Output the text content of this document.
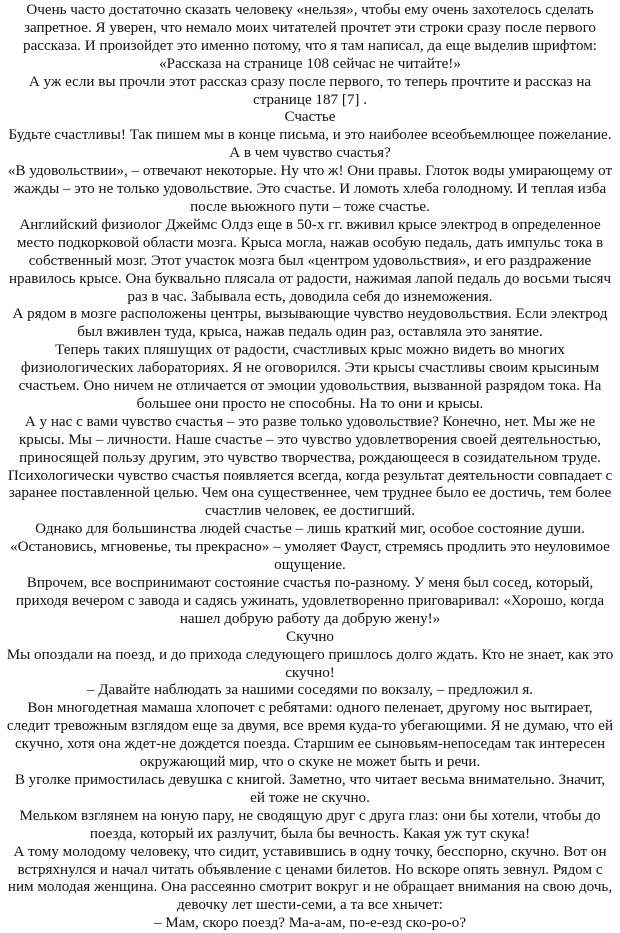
Очень часто достаточно сказать человеку «нельзя», чтобы ему очень захотелось сделать запретное. Я уверен, что немало моих читателей прочтет эти строки сразу после первого рассказа. И произойдет это именно потому, что я там написал, да еще выделив шрифтом: «Рассказа на странице 108 сейчас не читайте!»

А уж если вы прочли этот рассказ сразу после первого, то теперь прочтите и рассказ на странице 187 [7] .

Счастье

Будьте счастливы! Так пишем мы в конце письма, и это наиболее всеобъемлющее пожелание. А в чем чувство счастья?

«В удовольствии», – отвечают некоторые. Ну что ж! Они правы. Глоток воды умирающему от жажды – это не только удовольствие. Это счастье. И ломоть хлеба голодному. И теплая изба после вьюжного пути – тоже счастье.

Английский физиолог Джеймс Олдз еще в 50-х гг. вживил крысе электрод в определенное место подкорковой области мозга. Крыса могла, нажав особую педаль, дать импульс тока в собственный мозг. Этот участок мозга был «центром удовольствия», и его раздражение нравилось крысе. Она буквально плясала от радости, нажимая лапой педаль до восьми тысяч раз в час. Забывала есть, доводила себя до изнеможения.

А рядом в мозге расположены центры, вызывающие чувство неудовольствия. Если электрод был вживлен туда, крыса, нажав педаль один раз, оставляла это занятие.

Теперь таких пляшущих от радости, счастливых крыс можно видеть во многих физиологических лабораториях. Я не оговорился. Эти крысы счастливы своим крысиным счастьем. Оно ничем не отличается от эмоции удовольствия, вызванной разрядом тока. На большее они просто не способны. На то они и крысы.

А у нас с вами чувство счастья – это разве только удовольствие? Конечно, нет. Мы же не крысы. Мы – личности. Наше счастье – это чувство удовлетворения своей деятельностью, приносящей пользу другим, это чувство творчества, рождающееся в созидательном труде.

Психологически чувство счастья появляется всегда, когда результат деятельности совпадает с заранее поставленной целью. Чем она существеннее, чем труднее было ее достичь, тем более счастлив человек, ее достигший.

Однако для большинства людей счастье – лишь краткий миг, особое состояние души. «Остановись, мгновенье, ты прекрасно» – умоляет Фауст, стремясь продлить это неуловимое ощущение.

Впрочем, все воспринимают состояние счастья по-разному. У меня был сосед, который, приходя вечером с завода и садясь ужинать, удовлетворенно приговаривал: «Хорошо, когда нашел добрую работу да добрую жену!»

Скучно

Мы опоздали на поезд, и до прихода следующего пришлось долго ждать. Кто не знает, как это скучно!

– Давайте наблюдать за нашими соседями по вокзалу, – предложил я.

Вон многодетная мамаша хлопочет с ребятами: одного пеленает, другому нос вытирает, следит тревожным взглядом еще за двумя, все время куда-то убегающими. Я не думаю, что ей скучно, хотя она ждет-не дождется поезда. Старшим ее сыновьям-непоседам так интересен окружающий мир, что о скуке не может быть и речи.

В уголке примостилась девушка с книгой. Заметно, что читает весьма внимательно. Значит, ей тоже не скучно.

Мельком взглянем на юную пару, не сводящую друг с друга глаз: они бы хотели, чтобы до поезда, который их разлучит, была бы вечность. Какая уж тут скука!

А тому молодому человеку, что сидит, уставившись в одну точку, бесспорно, скучно. Вот он встряхнулся и начал читать объявление с ценами билетов. Но вскоре опять зевнул. Рядом с ним молодая женщина. Она рассеянно смотрит вокруг и не обращает внимания на свою дочь, девочку лет шести-семи, а та все хнычет:

– Мам, скоро поезд? Ма-а-ам, по-е-езд ско-ро-о?
